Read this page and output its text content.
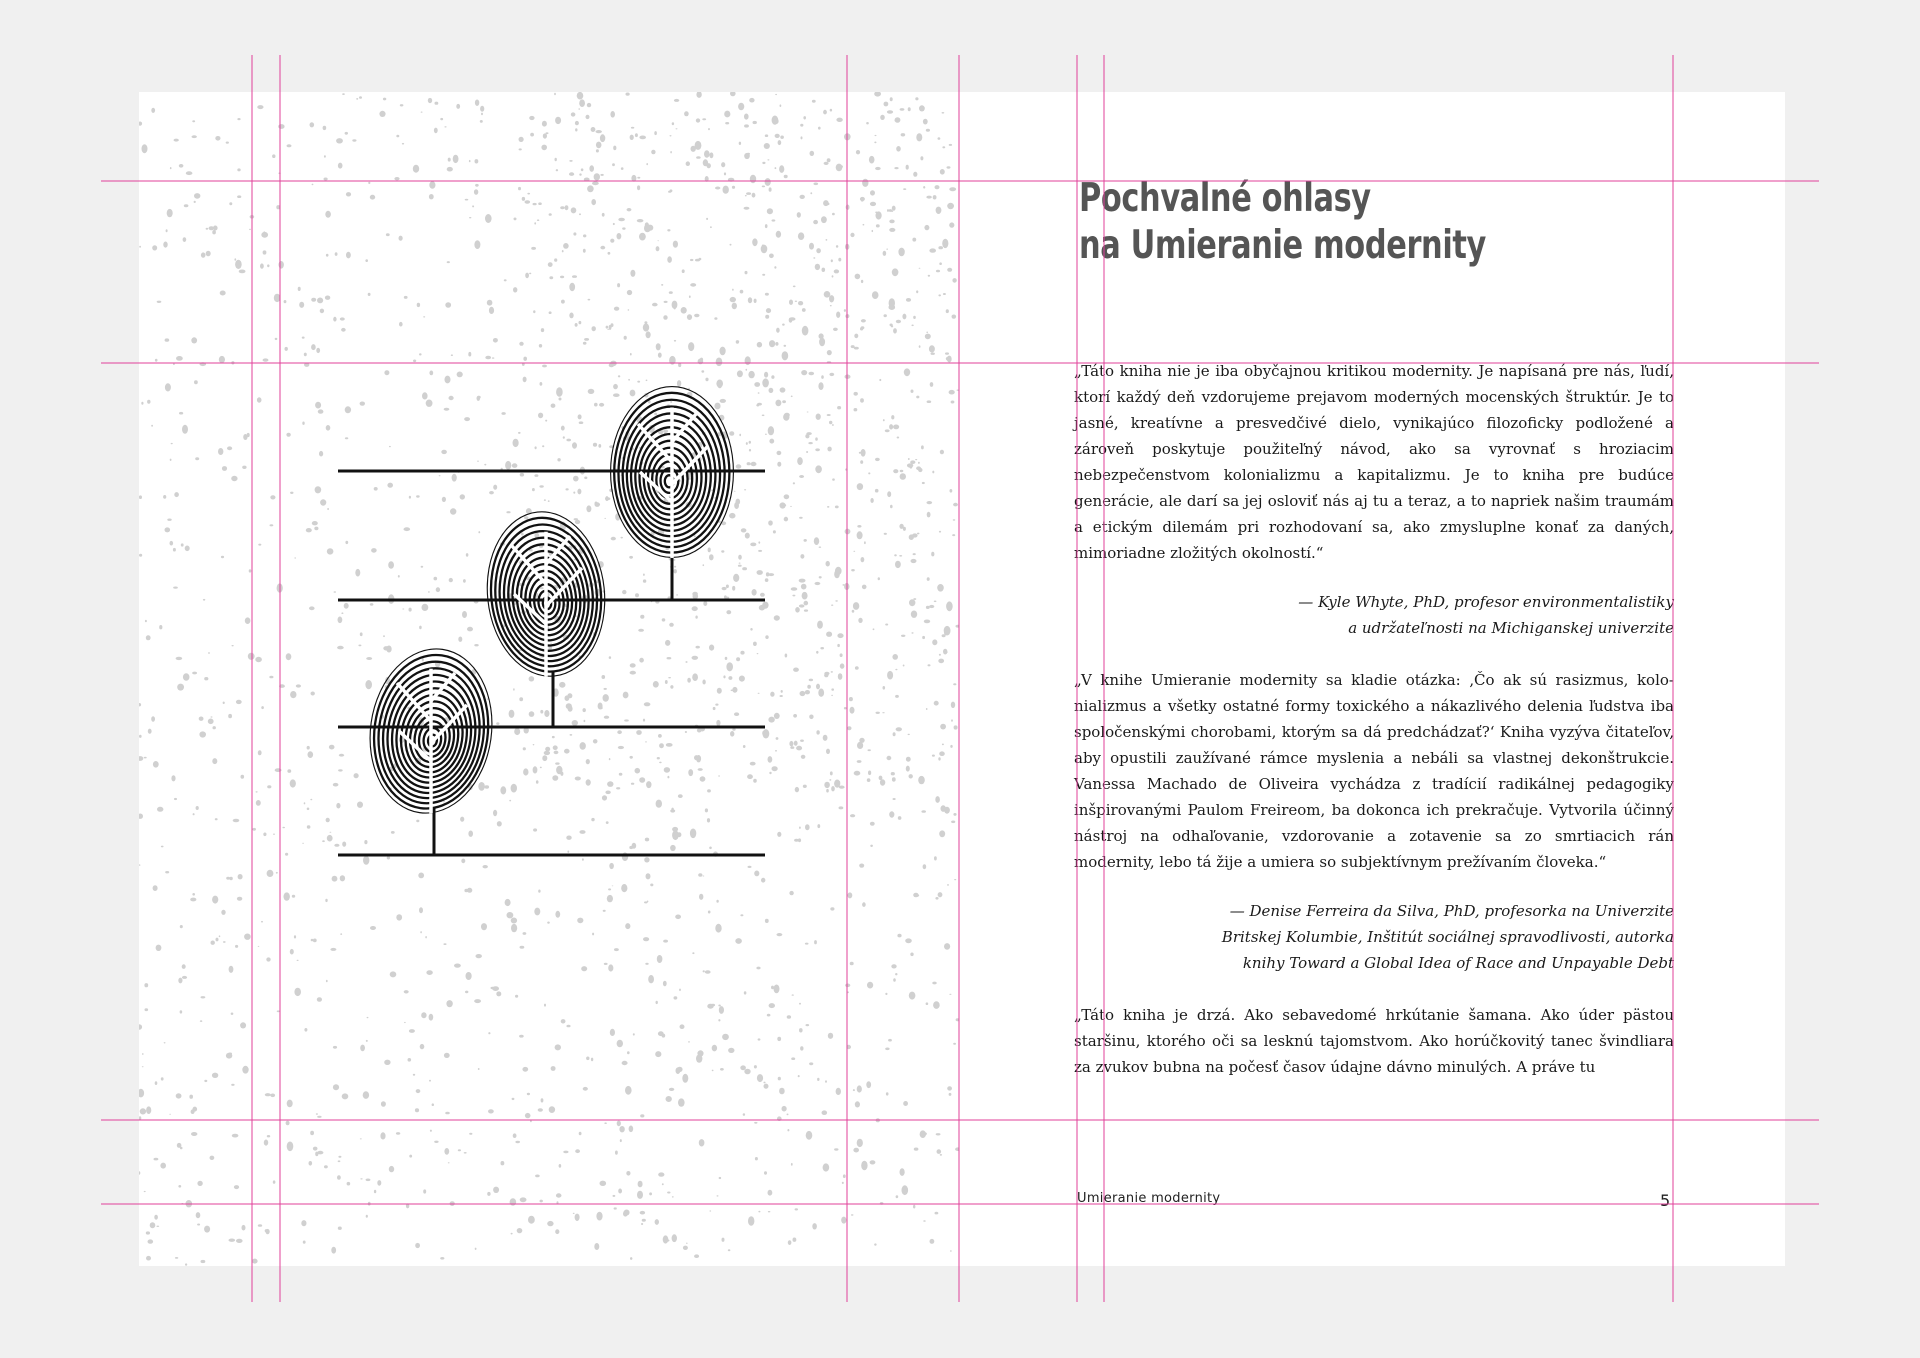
Pochvalné ohlasy
na Umieranie modernity

„Táto kniha nie je iba obyčajnou kritikou modernity. Je napísaná pre nás, ľudí, ktorí každý deň vzdorujeme prejavom moderných mocenských štruktúr. Je to jasné, kreatívne a presvedčivé dielo, vynikajúco filozoficky podložené a zároveň poskytuje použiteľný návod, ako sa vyrovnať s hroziacim nebezpečenstvom kolonializmu a kapitalizmu. Je to kniha pre budúce generácie, ale darí sa jej osloviť nás aj tu a teraz, a to napriek našim traumám a etickým dilemám pri rozhodovaní sa, ako zmysluplne konať za daných, mimoriadne zložitých okolností.“

— Kyle Whyte, PhD, profesor environmentalistiky
a udržateľnosti na Michiganskej univerzite

„V knihe Umieranie modernity sa kladie otázka: ‚Čo ak sú rasizmus, kolonializmus a všetky ostatné formy toxického a nákazlivého delenia ľudstva iba spoločenskými chorobami, ktorým sa dá predchádzať?‘ Kniha vyzýva čitateľov, aby opustili zaužívané rámce myslenia a nebáli sa vlastnej dekonštrukcie. Vanessa Machado de Oliveira vychádza z tradícií radikálnej pedagogiky inšpirovanými Paulom Freireom, ba dokonca ich prekračuje. Vytvorila účinný nástroj na odhaľovanie, vzdorovanie a zotavenie sa zo smrtiacich rán modernity, lebo tá žije a umiera so subjektívnym prežívaním človeka.“

— Denise Ferreira da Silva, PhD, profesorka na Univerzite
Britskej Kolumbie, Inštitút sociálnej spravodlivosti, autorka
knihy Toward a Global Idea of Race and Unpayable Debt

„Táto kniha je drzá. Ako sebavedomé hrkútanie šamana. Ako úder pästou staršinu, ktorého oči sa lesknú tajomstvom. Ako horúčkovitý tanec švindliara za zvukov bubna na počesť časov údajne dávno minulých. A práve tu

Umieranie modernity	5
